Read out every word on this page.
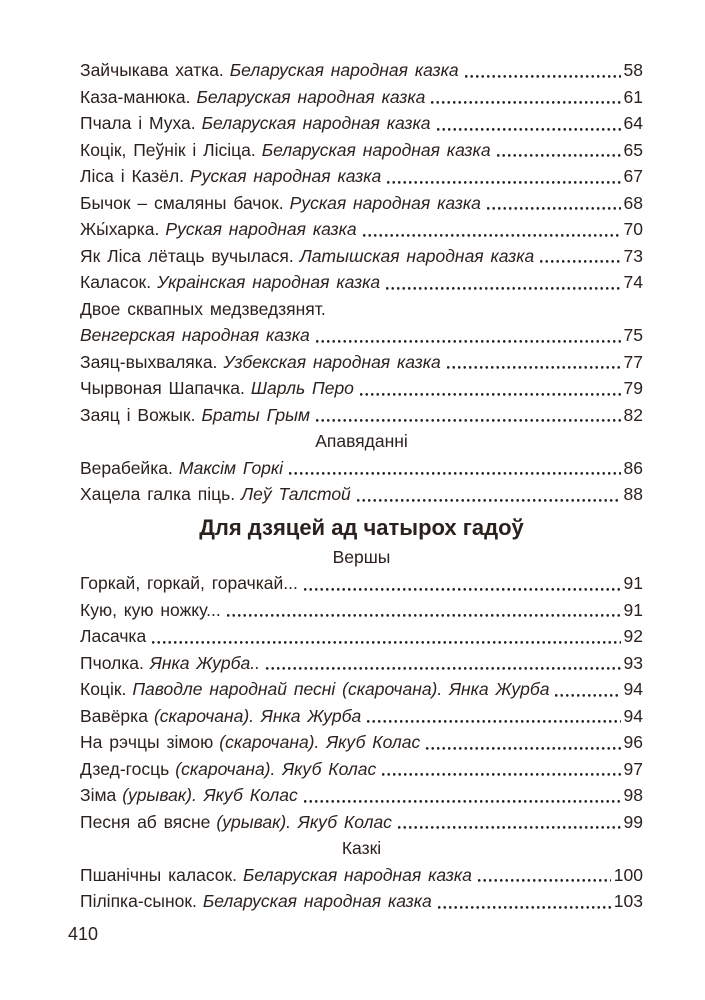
Зайчыкава хатка. Беларуская народная казка	58
Каза-манюка. Беларуская народная казка	61
Пчала і Муха. Беларуская народная казка	64
Коцік, Пеўнік і Лісіца. Беларуская народная казка	65
Ліса і Казёл. Руская народная казка	67
Бычок – смаляны бачок. Руская народная казка	68
Жы́харка. Руская народная казка	70
Як Ліса лётаць вучылася. Латышская народная казка	73
Каласок. Украінская народная казка	74
Двое сквапных медзведзянят.
Венгерская народная казка	75
Заяц-выхваляка. Узбекская народная казка	77
Чырвоная Шапачка. Шарль Перо	79
Заяц і Вожык. Браты Грым	82
Апавяданні
Верабейка. Максім Горкі	86
Хацела галка піць. Леў Талстой	88
Для дзяцей ад чатырох гадоў
Вершы
Горкай, горкай, горачкай...	91
Кую, кую ножку...	91
Ласачка	92
Пчолка. Янка Журба..	93
Коцік. Паводле народнай песні (скарочана). Янка Журба	94
Вавёрка (скарочана). Янка Журба	94
На рэчцы зімою (скарочана). Якуб Колас	96
Дзед-госць (скарочана). Якуб Колас	97
Зіма (урывак). Якуб Колас	98
Песня аб вясне (урывак). Якуб Колас	99
Казкі
Пшанічны каласок. Беларуская народная казка	100
Піліпка-сынок. Беларуская народная казка	103
410
